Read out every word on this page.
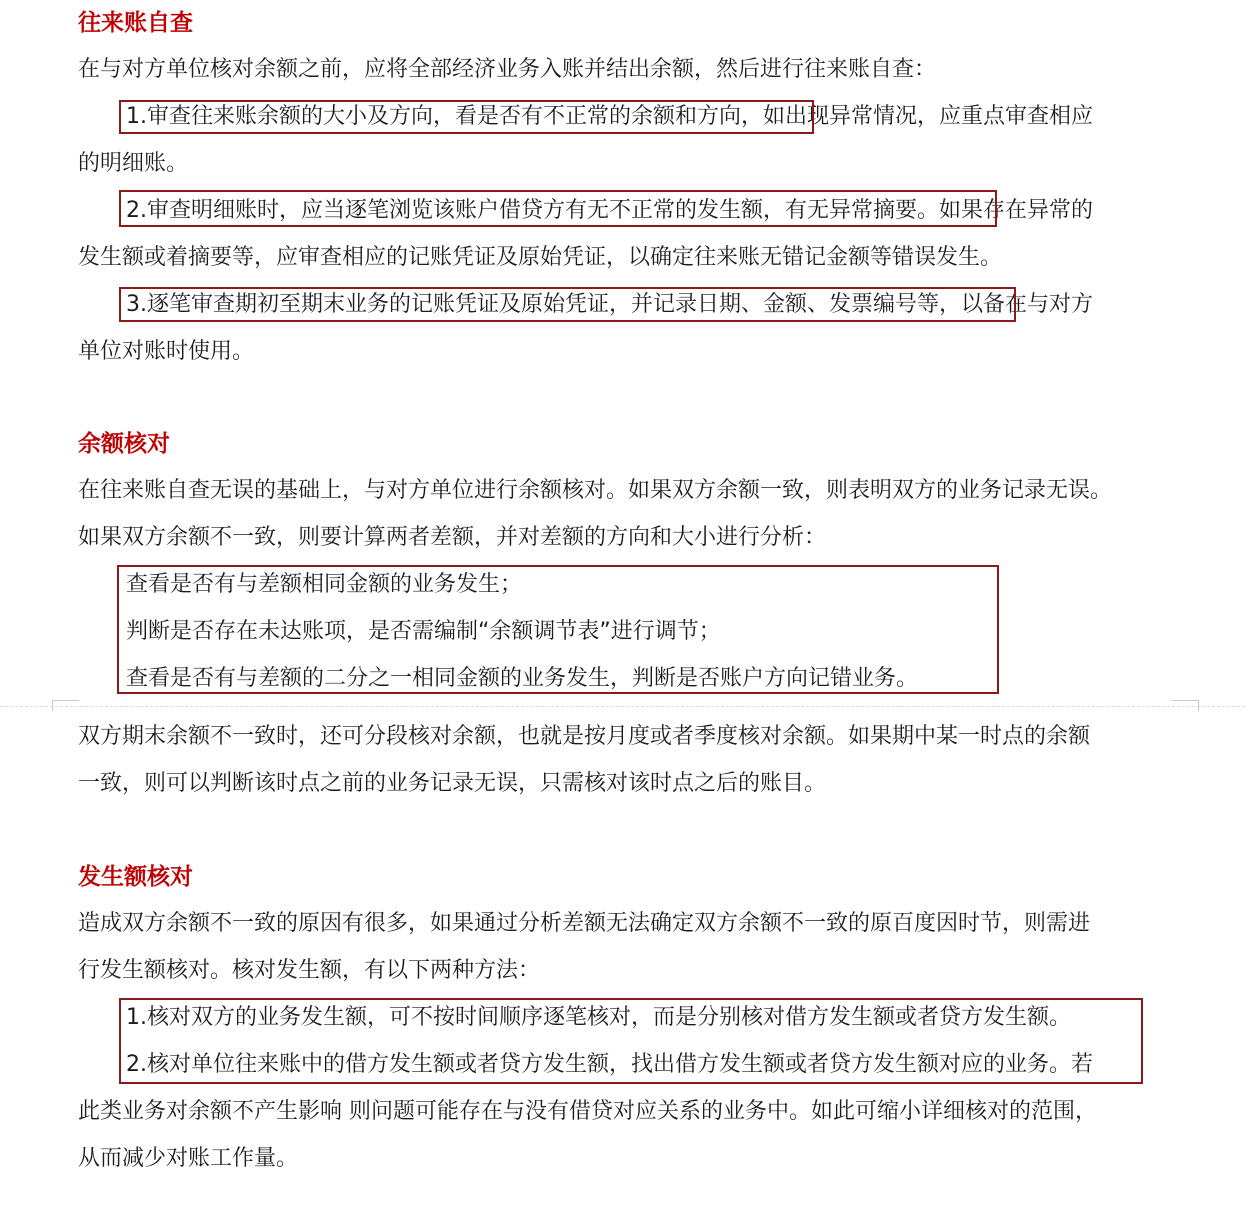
往来账自查

在与对方单位核对余额之前，应将全部经济业务入账并结出余额，然后进行往来账自查：

1.审查往来账余额的大小及方向，看是否有不正常的余额和方向，如出现异常情况，应重点审查相应

的明细账。

2.审查明细账时，应当逐笔浏览该账户借贷方有无不正常的发生额，有无异常摘要。如果存在异常的

发生额或着摘要等，应审查相应的记账凭证及原始凭证，以确定往来账无错记金额等错误发生。

3.逐笔审查期初至期末业务的记账凭证及原始凭证，并记录日期、金额、发票编号等，以备在与对方

单位对账时使用。

余额核对

在往来账自查无误的基础上，与对方单位进行余额核对。如果双方余额一致，则表明双方的业务记录无误。

如果双方余额不一致，则要计算两者差额，并对差额的方向和大小进行分析：

查看是否有与差额相同金额的业务发生；

判断是否存在未达账项，是否需编制“余额调节表”进行调节；

查看是否有与差额的二分之一相同金额的业务发生，判断是否账户方向记错业务。

双方期末余额不一致时，还可分段核对余额，也就是按月度或者季度核对余额。如果期中某一时点的余额

一致，则可以判断该时点之前的业务记录无误，只需核对该时点之后的账目。

发生额核对

造成双方余额不一致的原因有很多，如果通过分析差额无法确定双方余额不一致的原百度因时节，则需进

行发生额核对。核对发生额，有以下两种方法：

1.核对双方的业务发生额，可不按时间顺序逐笔核对，而是分别核对借方发生额或者贷方发生额。

2.核对单位往来账中的借方发生额或者贷方发生额，找出借方发生额或者贷方发生额对应的业务。若

此类业务对余额不产生影响 则问题可能存在与没有借贷对应关系的业务中。如此可缩小详细核对的范围，

从而减少对账工作量。
